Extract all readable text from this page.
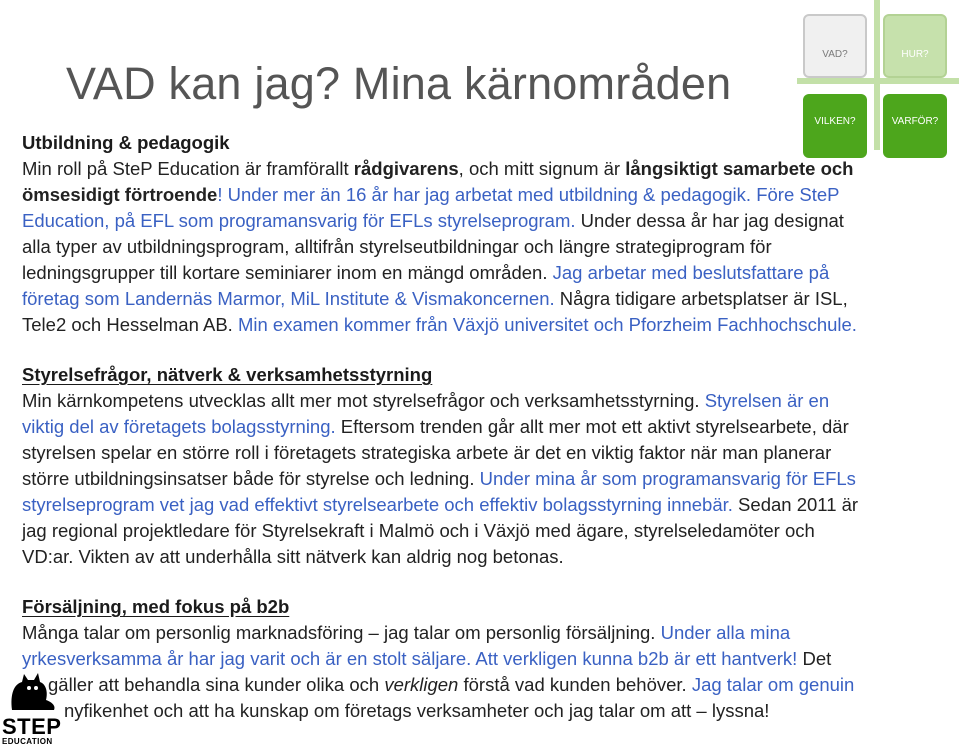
VAD kan jag? Mina kärnområden
VAD?	HUR?
VILKEN?	VARFÖR?
Utbildning & pedagogik
Min roll på SteP Education är framförallt rådgivarens, och mitt signum är långsiktigt samarbete och
ömsesidigt förtroende! Under mer än 16 år har jag arbetat med utbildning & pedagogik. Före SteP
Education, på EFL som programansvarig för EFLs styrelseprogram. Under dessa år har jag designat
alla typer av utbildningsprogram, alltifrån styrelseutbildningar och längre strategiprogram för
ledningsgrupper till kortare seminiarer inom en mängd områden. Jag arbetar med beslutsfattare på
företag som Landernäs Marmor, MiL Institute & Vismakoncernen. Några tidigare arbetsplatser är ISL,
Tele2 och Hesselman AB. Min examen kommer från Växjö universitet och Pforzheim Fachhochschule.
Styrelsefrågor, nätverk & verksamhetsstyrning
Min kärnkompetens utvecklas allt mer mot styrelsefrågor och verksamhetsstyrning. Styrelsen är en
viktig del av företagets bolagsstyrning. Eftersom trenden går allt mer mot ett aktivt styrelsearbete, där
styrelsen spelar en större roll i företagets strategiska arbete är det en viktig faktor när man planerar
större utbildningsinsatser både för styrelse och ledning. Under mina år som programansvarig för EFLs
styrelseprogram vet jag vad effektivt styrelsearbete och effektiv bolagsstyrning innebär. Sedan 2011 är
jag regional projektledare för Styrelsekraft i Malmö och i Växjö med ägare, styrelseledamöter och
VD:ar. Vikten av att underhålla sitt nätverk kan aldrig nog betonas.
Försäljning, med fokus på b2b
Många talar om personlig marknadsföring – jag talar om personlig försäljning. Under alla mina
yrkesverksamma år har jag varit och är en stolt säljare. Att verkligen kunna b2b är ett hantverk! Det
gäller att behandla sina kunder olika och verkligen förstå vad kunden behöver. Jag talar om genuin
nyfikenhet och att ha kunskap om företags verksamheter och jag talar om att – lyssna!
STEP
EDUCATION
